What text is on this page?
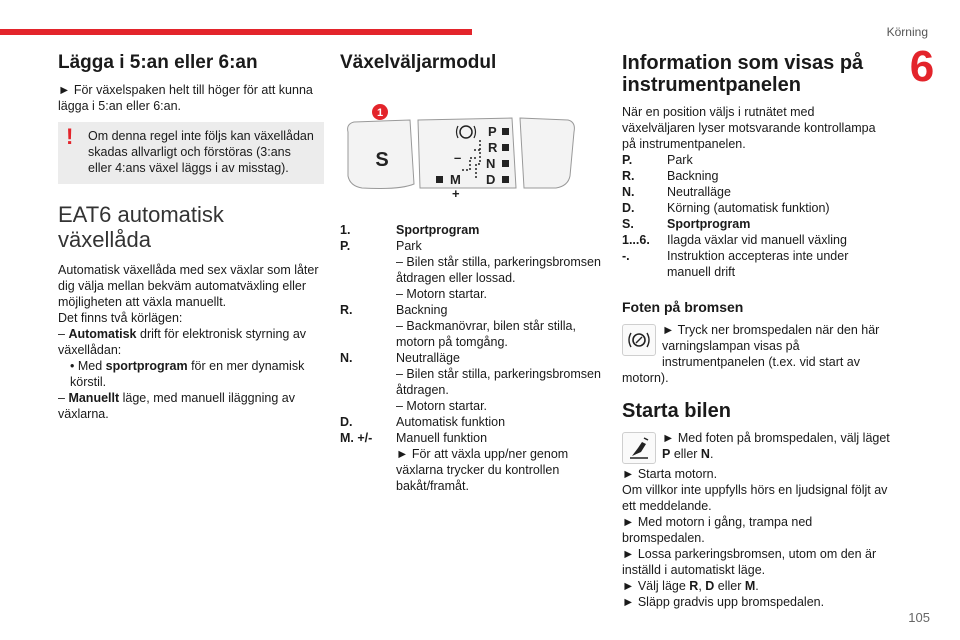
Körning
6
Lägga i 5:an eller 6:an

► För växelspaken helt till höger för att kunna lägga i 5:an eller 6:an.

! Om denna regel inte följs kan växellådan skadas allvarligt och förstöras (3:ans eller 4:ans växel läggs i av misstag).

EAT6 automatisk
växellåda

Automatisk växellåda med sex växlar som låter dig välja mellan bekväm automatväxling eller möjligheten att växla manuellt.

Det finns två körlägen:

– Automatisk drift för elektronisk styrning av växellådan:

• Med sportprogram för en mer dynamisk körstil.

– Manuellt läge, med manuell iläggning av växlarna.

Växelväljarmodul
1
S
P
R
N
D
–
M
+
1.	Sportprogram
P.	Park
– Bilen står stilla, parkeringsbromsen åtdragen eller lossad.
– Motorn startar.
R.	Backning
– Backmanövrar, bilen står stilla, motorn på tomgång.
N.	Neutralläge
– Bilen står stilla, parkeringsbromsen åtdragen.
– Motorn startar.
D.	Automatisk funktion
M. +/-	Manuell funktion
► För att växla upp/ner genom växlarna trycker du kontrollen bakåt/framåt.
Information som visas på
instrumentpanelen

När en position väljs i rutnätet med växelväljaren lyser motsvarande kontrollampa på instrumentpanelen.

P.	Park
R.	Backning
N.	Neutralläge
D.	Körning (automatisk funktion)
S.	Sportprogram
1...6.	Ilagda växlar vid manuell växling
-.	Instruktion accepteras inte under manuell drift
Foten på bromsen

► Tryck ner bromspedalen när den här varningslampan visas på instrumentpanelen (t.ex. vid start av motorn).

Starta bilen

► Med foten på bromspedalen, välj läget P eller N.

► Starta motorn.

Om villkor inte uppfylls hörs en ljudsignal följt av ett meddelande.

► Med motorn i gång, trampa ned bromspedalen.

► Lossa parkeringsbromsen, utom om den är inställd i automatiskt läge.

► Välj läge R, D eller M.

► Släpp gradvis upp bromspedalen.

105
